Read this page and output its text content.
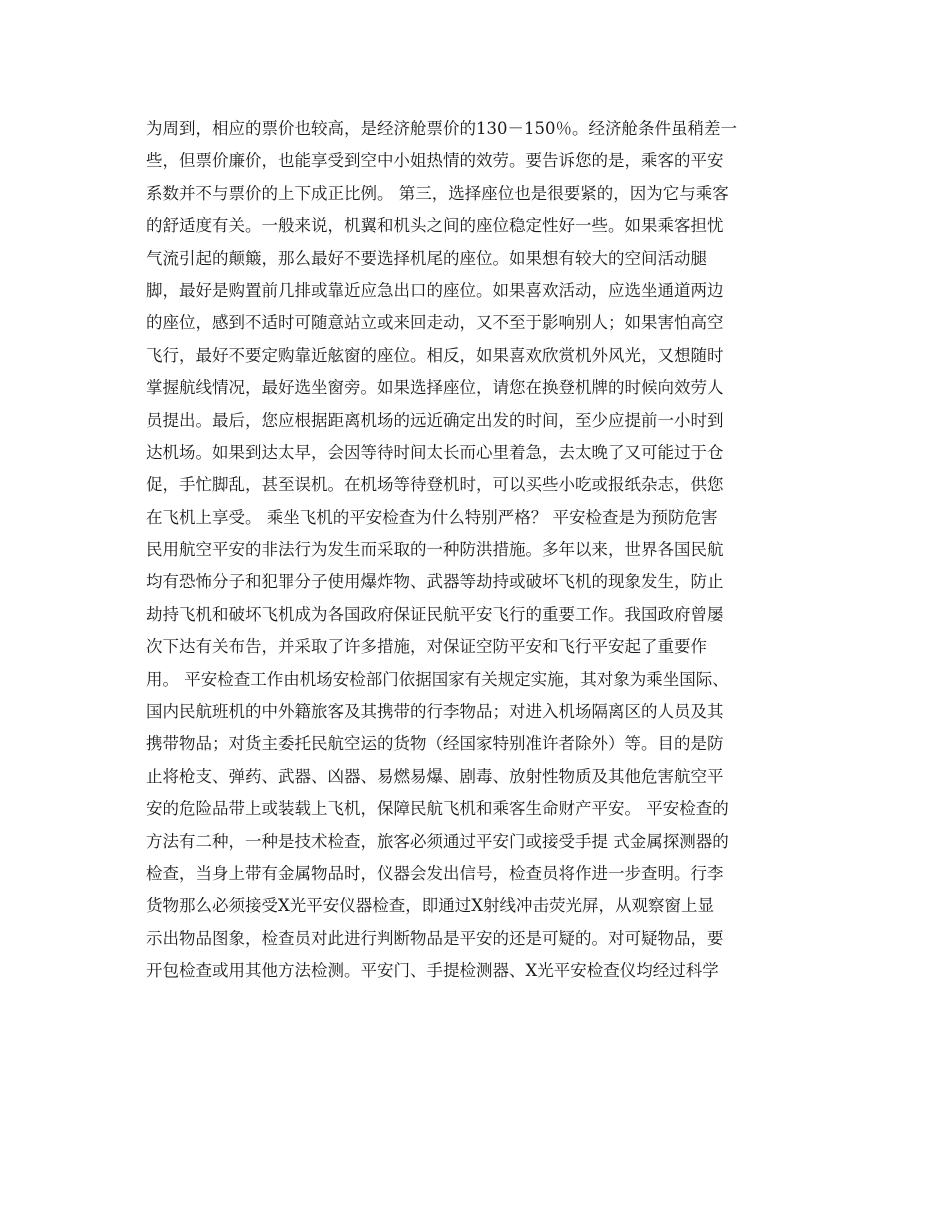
为周到，相应的票价也较高，是经济舱票价的130－150％。经济舱条件虽稍差一
些，但票价廉价，也能享受到空中小姐热情的效劳。要告诉您的是，乘客的平安
系数并不与票价的上下成正比例。 第三，选择座位也是很要紧的，因为它与乘客
的舒适度有关。一般来说，机翼和机头之间的座位稳定性好一些。如果乘客担忧
气流引起的颠簸，那么最好不要选择机尾的座位。如果想有较大的空间活动腿
脚，最好是购置前几排或靠近应急出口的座位。如果喜欢活动，应选坐通道两边
的座位，感到不适时可随意站立或来回走动，又不至于影响别人；如果害怕高空
飞行，最好不要定购靠近舷窗的座位。相反，如果喜欢欣赏机外风光，又想随时
掌握航线情况，最好选坐窗旁。如果选择座位，请您在换登机牌的时候向效劳人
员提出。最后，您应根据距离机场的远近确定出发的时间，至少应提前一小时到
达机场。如果到达太早，会因等待时间太长而心里着急，去太晚了又可能过于仓
促，手忙脚乱，甚至误机。在机场等待登机时，可以买些小吃或报纸杂志，供您
在飞机上享受。 乘坐飞机的平安检查为什么特别严格？ 平安检查是为预防危害
民用航空平安的非法行为发生而采取的一种防洪措施。多年以来，世界各国民航
均有恐怖分子和犯罪分子使用爆炸物、武器等劫持或破坏飞机的现象发生，防止
劫持飞机和破坏飞机成为各国政府保证民航平安飞行的重要工作。我国政府曾屡
次下达有关布告，并采取了许多措施，对保证空防平安和飞行平安起了重要作
用。 平安检查工作由机场安检部门依据国家有关规定实施，其对象为乘坐国际、
国内民航班机的中外籍旅客及其携带的行李物品；对进入机场隔离区的人员及其
携带物品；对货主委托民航空运的货物（经国家特别准许者除外）等。目的是防
止将枪支、弹药、武器、凶器、易燃易爆、剧毒、放射性物质及其他危害航空平
安的危险品带上或装载上飞机，保障民航飞机和乘客生命财产平安。 平安检查的
方法有二种，一种是技术检查，旅客必须通过平安门或接受手提 式金属探测器的
检查，当身上带有金属物品时，仪器会发出信号，检查员将作进一步查明。行李
货物那么必须接受X光平安仪器检查，即通过X射线冲击荧光屏，从观察窗上显
示出物品图象，检查员对此进行判断物品是平安的还是可疑的。对可疑物品，要
开包检查或用其他方法检测。平安门、手提检测器、X光平安检查仪均经过科学
